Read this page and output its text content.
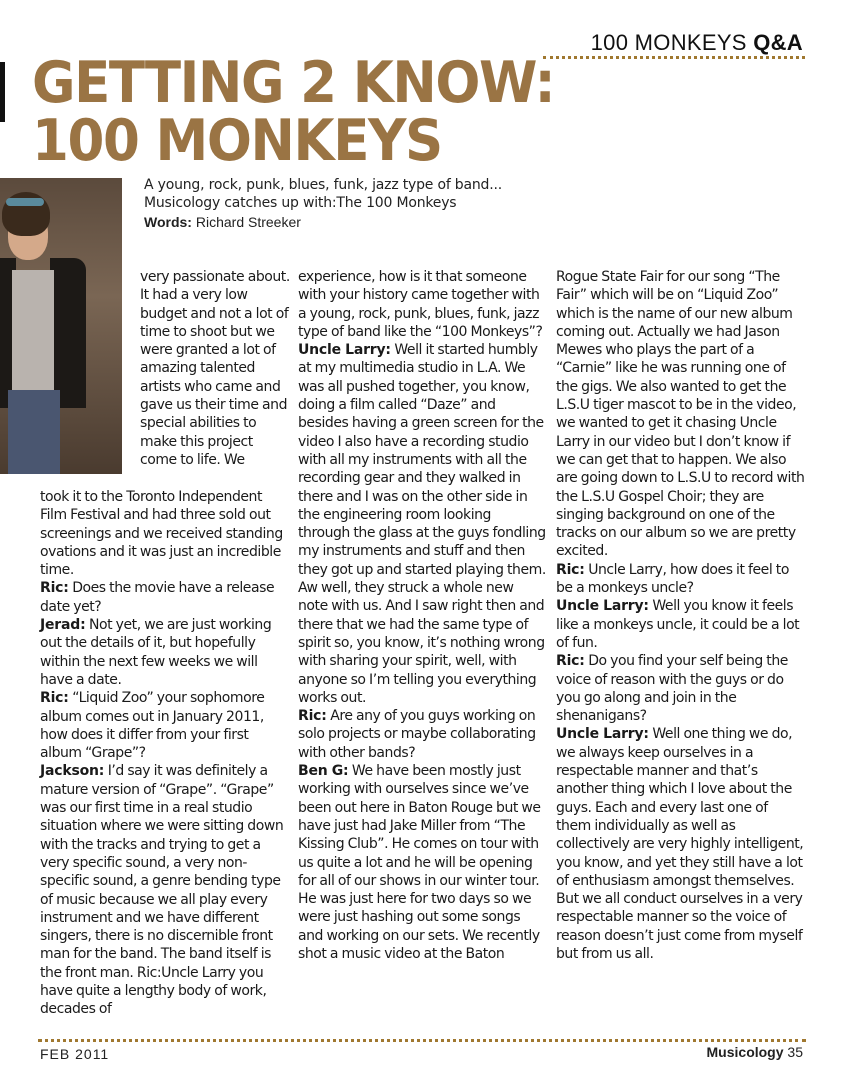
100 MONKEYS Q&A
GETTING 2 KNOW:
100 MONKEYS
A young, rock, punk, blues, funk, jazz type of band...
Musicology catches up with:The 100 Monkeys
Words: Richard Streeker

very passionate about. It had a very low budget and not a lot of time to shoot but we were granted a lot of amazing talented artists who came and gave us their time and special abilities to make this project come to life. We

took it to the Toronto Independent Film Festival and had three sold out screenings and we received standing ovations and it was just an incredible time.

Ric: Does the movie have a release date yet?

Jerad: Not yet, we are just working out the details of it, but hopefully within the next few weeks we will have a date.

Ric: “Liquid Zoo” your sophomore album comes out in January 2011, how does it differ from your first album “Grape”?

Jackson: I’d say it was definitely a mature version of “Grape”. “Grape” was our first time in a real studio situation where we were sitting down with the tracks and trying to get a very specific sound, a very non-specific sound, a genre bending type of music because we all play every instrument and we have different singers, there is no discernible front man for the band. The band itself is the front man. Ric:Uncle Larry you have quite a lengthy body of work, decades of

experience, how is it that someone with your history came together with a young, rock, punk, blues, funk, jazz type of band like the “100 Monkeys”?

Uncle Larry: Well it started humbly at my multimedia studio in L.A. We was all pushed together, you know, doing a film called “Daze” and besides having a green screen for the video I also have a recording studio with all my instruments with all the recording gear and they walked in there and I was on the other side in the engineering room looking through the glass at the guys fondling my instruments and stuff and then they got up and started playing them. Aw well, they struck a whole new note with us. And I saw right then and there that we had the same type of spirit so, you know, it’s nothing wrong with sharing your spirit, well, with anyone so I’m telling you everything works out.

Ric: Are any of you guys working on solo projects or maybe collaborating with other bands?

Ben G: We have been mostly just working with ourselves since we’ve been out here in Baton Rouge but we have just had Jake Miller from “The Kissing Club”. He comes on tour with us quite a lot and he will be opening for all of our shows in our winter tour. He was just here for two days so we were just hashing out some songs and working on our sets. We recently shot a music video at the Baton

Rogue State Fair for our song “The Fair” which will be on “Liquid Zoo” which is the name of our new album coming out. Actually we had Jason Mewes who plays the part of a “Carnie” like he was running one of the gigs. We also wanted to get the L.S.U tiger mascot to be in the video, we wanted to get it chasing Uncle Larry in our video but I don’t know if we can get that to happen. We also are going down to L.S.U to record with the L.S.U Gospel Choir; they are singing background on one of the tracks on our album so we are pretty excited.

Ric: Uncle Larry, how does it feel to be a monkeys uncle?

Uncle Larry: Well you know it feels like a monkeys uncle, it could be a lot of fun.

Ric: Do you find your self being the voice of reason with the guys or do you go along and join in the shenanigans?

Uncle Larry: Well one thing we do, we always keep ourselves in a respectable manner and that’s another thing which I love about the guys. Each and every last one of them individually as well as collectively are very highly intelligent, you know, and yet they still have a lot of enthusiasm amongst themselves. But we all conduct ourselves in a very respectable manner so the voice of reason doesn’t just come from myself but from us all.

FEB 2011	Musicology 35
